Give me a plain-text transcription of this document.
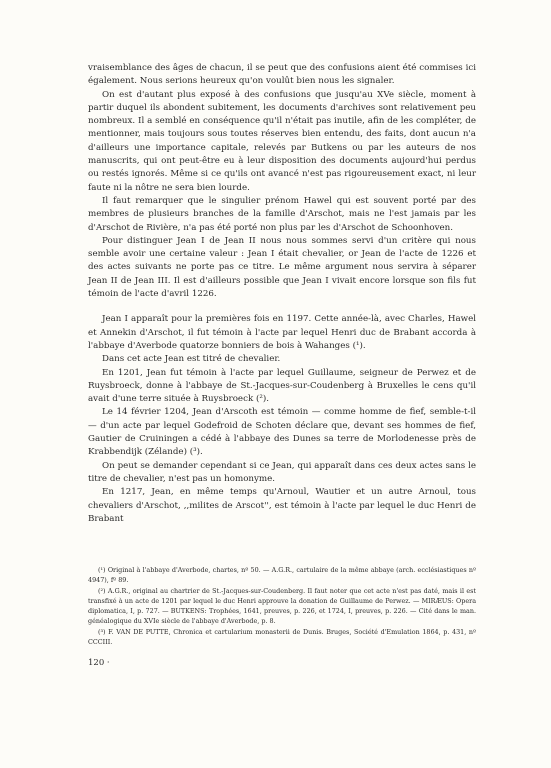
vraisemblance des âges de chacun, il se peut que des confusions aient été commises ici également. Nous serions heureux qu'on voulût bien nous les signaler.

On est d'autant plus exposé à des confusions que jusqu'au XVe siècle, moment à partir duquel ils abondent subitement, les documents d'archives sont relativement peu nombreux. Il a semblé en conséquence qu'il n'était pas inutile, afin de les compléter, de mentionner, mais toujours sous toutes réserves bien entendu, des faits, dont aucun n'a d'ailleurs une importance capitale, relevés par Butkens ou par les auteurs de nos manuscrits, qui ont peut-être eu à leur disposition des documents aujourd'hui perdus ou restés ignorés. Même si ce qu'ils ont avancé n'est pas rigoureusement exact, ni leur faute ni la nôtre ne sera bien lourde.

Il faut remarquer que le singulier prénom Hawel qui est souvent porté par des membres de plusieurs branches de la famille d'Arschot, mais ne l'est jamais par les d'Arschot de Rivière, n'a pas été porté non plus par les d'Arschot de Schoonhoven.

Pour distinguer Jean I de Jean II nous nous sommes servi d'un critère qui nous semble avoir une certaine valeur : Jean I était chevalier, or Jean de l'acte de 1226 et des actes suivants ne porte pas ce titre. Le même argument nous servira à séparer Jean II de Jean III. Il est d'ailleurs possible que Jean I vivait encore lorsque son fils fut témoin de l'acte d'avril 1226.

Jean I apparaît pour la premières fois en 1197. Cette année-là, avec Charles, Hawel et Annekin d'Arschot, il fut témoin à l'acte par lequel Henri duc de Brabant accorda à l'abbaye d'Averbode quatorze bonniers de bois à Wahanges (¹).

Dans cet acte Jean est titré de chevalier.

En 1201, Jean fut témoin à l'acte par lequel Guillaume, seigneur de Perwez et de Ruysbroeck, donne à l'abbaye de St.-Jacques-sur-Coudenberg à Bruxelles le cens qu'il avait d'une terre située à Ruysbroeck (²).

Le 14 février 1204, Jean d'Arscoth est témoin — comme homme de fief, semble-t-il — d'un acte par lequel Godefroid de Schoten déclare que, devant ses hommes de fief, Gautier de Cruiningen a cédé à l'abbaye des Dunes sa terre de Morlodenesse près de Krabbendijk (Zélande) (³).

On peut se demander cependant si ce Jean, qui apparaît dans ces deux actes sans le titre de chevalier, n'est pas un homonyme.

En 1217, Jean, en même temps qu'Arnoul, Wautier et un autre Arnoul, tous chevaliers d'Arschot, ,,milites de Arscot'', est témoin à l'acte par lequel le duc Henri de Brabant

(¹) Original à l'abbaye d'Averbode, chartes, nº 50. — A.G.R., cartulaire de la même abbaye (arch. ecclésiastiques nº 4947), fº 89.

(²) A.G.R., original au chartrier de St.-Jacques-sur-Coudenberg. Il faut noter que cet acte n'est pas daté, mais il est transfixé à un acte de 1201 par lequel le duc Henri approuve la donation de Guillaume de Perwez. — MIRÆUS: Opera diplomatica, I, p. 727. — BUTKENS: Trophées, 1641, preuves, p. 226, et 1724, I, preuves, p. 226. — Cité dans le man. généalogique du XVIe siècle de l'abbaye d'Averbode, p. 8.

(³) F. VAN DE PUTTE, Chronica et cartularium monasterii de Dunis. Bruges, Société d'Emulation 1864, p. 431, nº CCCIII.

120 ·
